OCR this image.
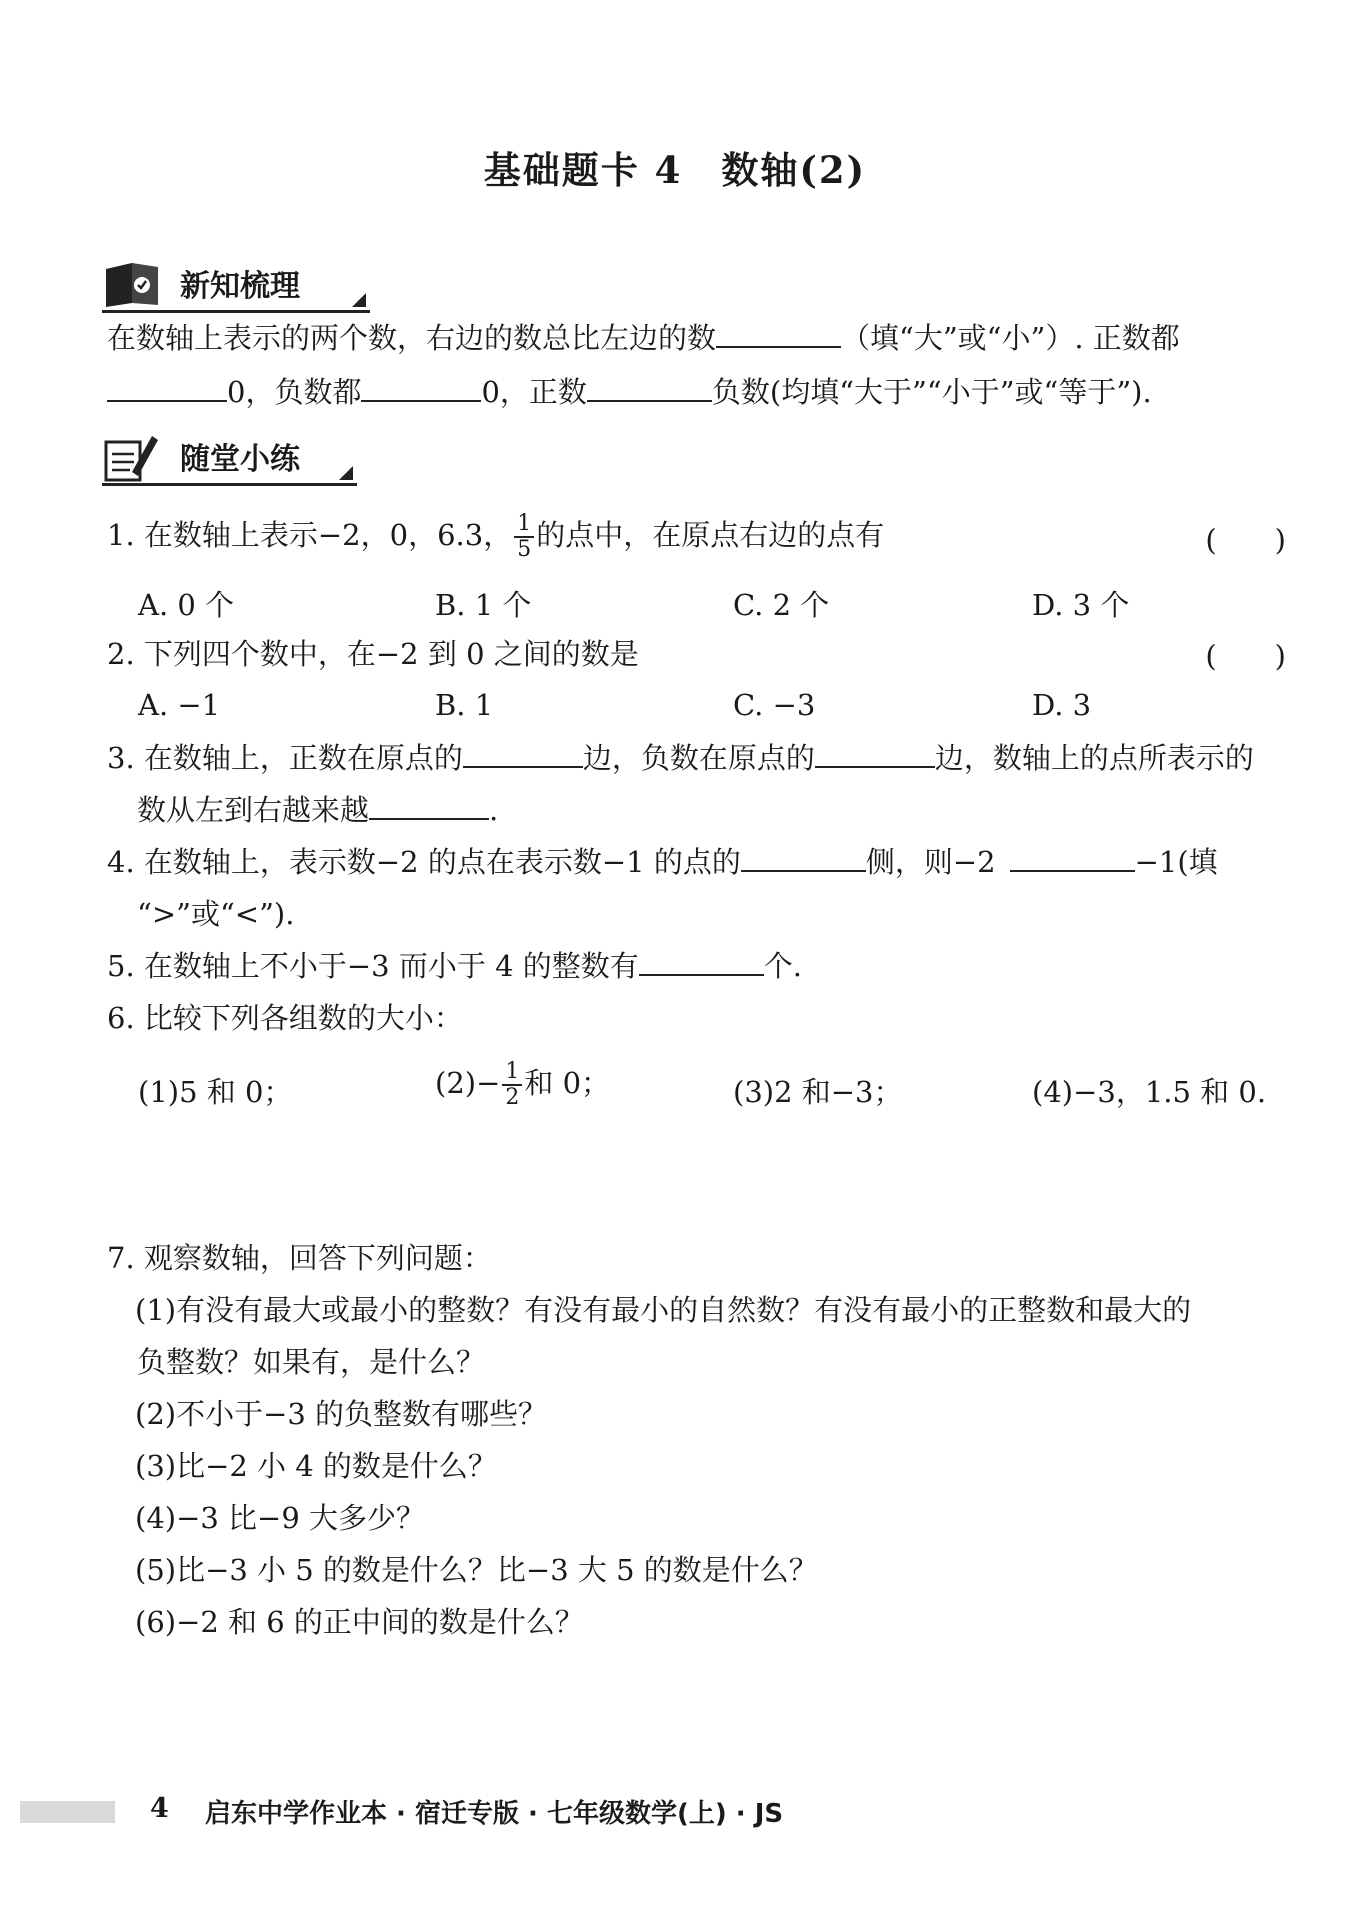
基础题卡 4　数轴(2)
新知梳理
在数轴上表示的两个数，右边的数总比左边的数	（填“大”或“小”）. 正数都
0，负数都	0，正数	负数(均填“大于”“小于”或“等于”).
随堂小练
1. 在数轴上表示−2，0，6.3， $\frac{1}{5}$ 的点中，在原点右边的点有	(　　)
A. 0 个	B. 1 个	C. 2 个	D. 3 个
2. 下列四个数中，在−2 到 0 之间的数是	(　　)
A. −1	B. 1	C. −3	D. 3
3. 在数轴上，正数在原点的	边，负数在原点的	边，数轴上的点所表示的
数从左到右越来越	.
4. 在数轴上，表示数−2 的点在表示数−1 的点的	侧，则−2	−1(填
“>”或“<”).
5. 在数轴上不小于−3 而小于 4 的整数有	个.
6. 比较下列各组数的大小：
(1)5 和 0；	$(2)- \frac{1}{2}$ 和 0；	(3)2 和−3；	(4)−3，1.5 和 0.
7. 观察数轴，回答下列问题：
(1)有没有最大或最小的整数？有没有最小的自然数？有没有最小的正整数和最大的
负整数？如果有，是什么？
(2)不小于−3 的负整数有哪些？
(3)比−2 小 4 的数是什么？
(4)−3 比−9 大多少？
(5)比−3 小 5 的数是什么？比−3 大 5 的数是什么？
(6)−2 和 6 的正中间的数是什么？
4 启东中学作业本 · 宿迁专版 · 七年级数学(上) · JS
